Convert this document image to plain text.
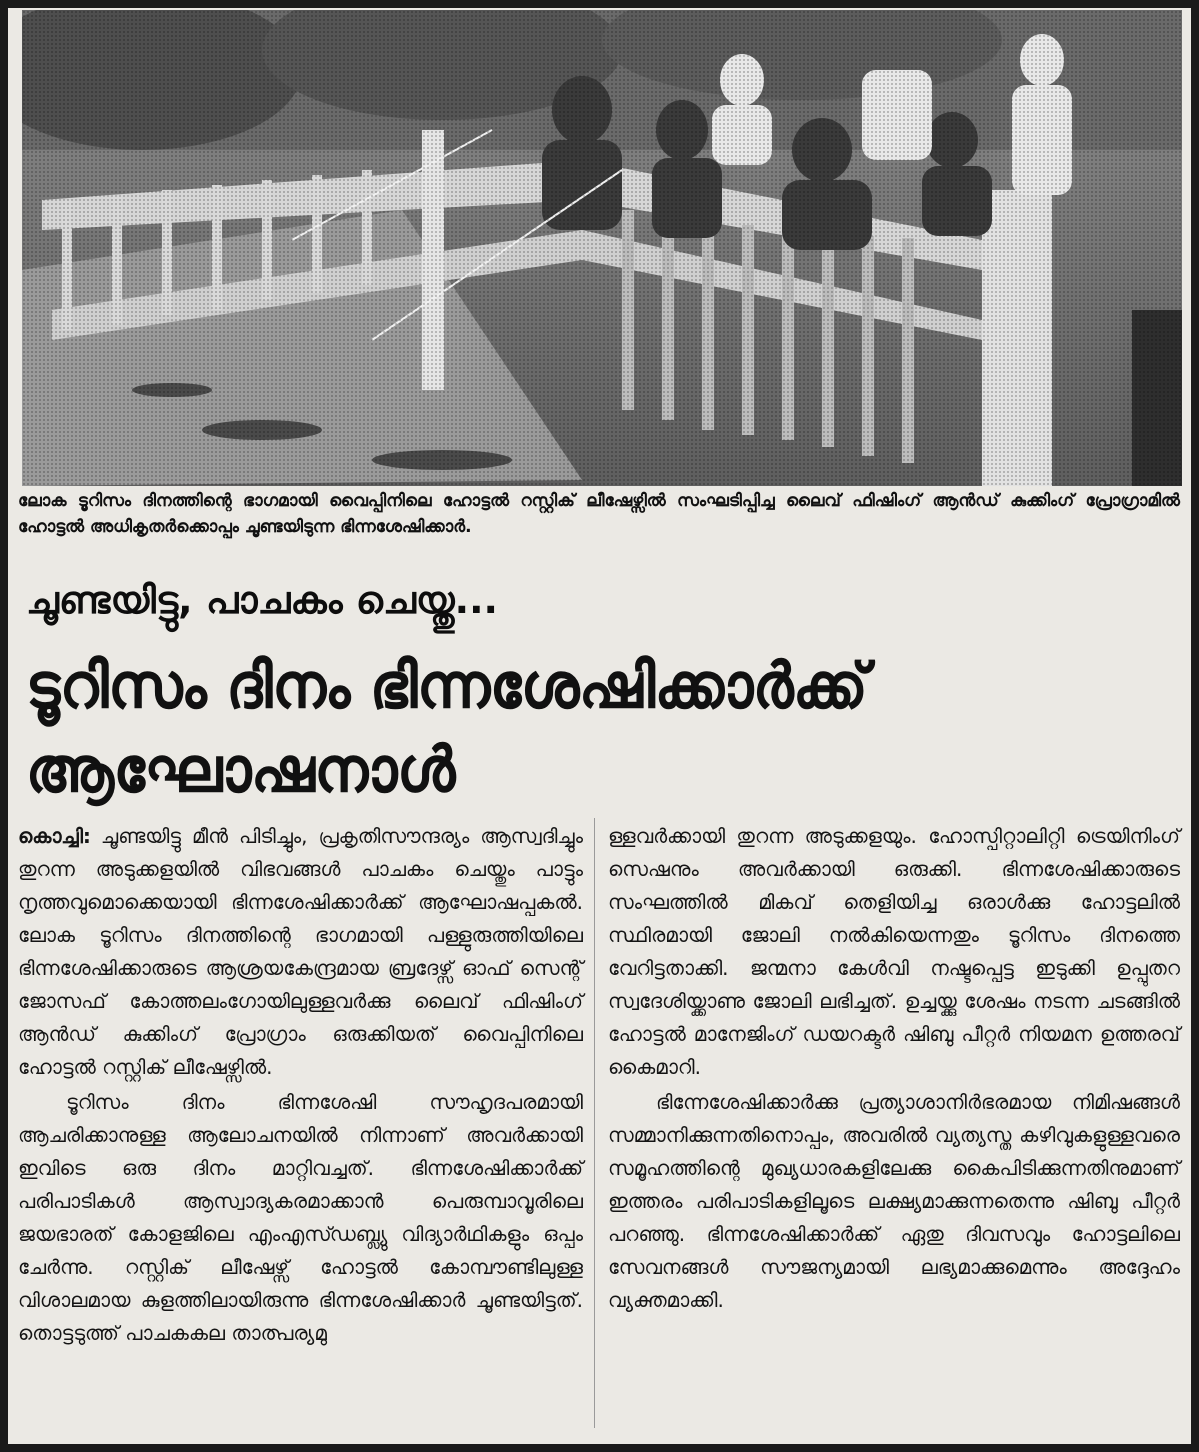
ലോക ടൂറിസം ദിനത്തിന്റെ ഭാഗമായി വൈപ്പിനിലെ ഹോട്ടൽ റസ്റ്റിക് ലീഷേഴ്സിൽ സംഘടിപ്പിച്ച ലൈവ് ഫിഷിംഗ് ആൻഡ് കുക്കിംഗ് പ്രോഗ്രാമിൽ ഹോട്ടൽ അധികൃതർക്കൊപ്പം ചൂണ്ടയിടുന്ന ഭിന്നശേഷിക്കാർ.
ചൂണ്ടയിട്ടു, പാചകം ചെയ്തു...
ടൂറിസം ദിനം ഭിന്നശേഷിക്കാർക്ക്
ആഘോഷനാൾ

കൊച്ചി: ചൂണ്ടയിട്ടു മീൻ പിടിച്ചും, പ്രകൃതിസൗന്ദര്യം ആസ്വദിച്ചും തുറന്ന അടുക്കളയിൽ വിഭവങ്ങൾ പാചകം ചെയ്തും പാട്ടും നൃത്തവുമൊക്കെയായി ഭിന്നശേഷിക്കാർക്ക് ആഘോഷപ്പകൽ. ലോക ടൂറിസം ദിനത്തിന്റെ ഭാഗമായി പള്ളുരുത്തിയിലെ ഭിന്നശേഷിക്കാരുടെ ആശ്രയകേന്ദ്രമായ ബ്രദേഴ്സ് ഓഫ് സെന്റ് ജോസഫ് കോത്തലംഗോയിലുള്ളവർക്കു ലൈവ് ഫിഷിംഗ് ആൻഡ് കുക്കിംഗ് പ്രോഗ്രാം ഒരുക്കിയത് വൈപ്പിനിലെ ഹോട്ടൽ റസ്റ്റിക് ലീഷേഴ്സിൽ.

ടൂറിസം ദിനം ഭിന്നശേഷി സൗഹൃദപരമായി ആചരിക്കാനുള്ള ആലോചനയിൽ നിന്നാണ് അവർക്കായി ഇവിടെ ഒരു ദിനം മാറ്റിവച്ചത്. ഭിന്നശേഷിക്കാർക്ക് പരിപാടികൾ ആസ്വാദ്യകരമാക്കാൻ പെരുമ്പാവൂരിലെ ജയഭാരത് കോളജിലെ എംഎസ്ഡബ്ല്യു വിദ്യാർഥികളും ഒപ്പം ചേർന്നു. റസ്റ്റിക് ലീഷേഴ്സ് ഹോട്ടൽ കോമ്പൗണ്ടിലുള്ള വിശാലമായ കുളത്തിലായിരുന്നു ഭിന്നശേഷിക്കാർ ചൂണ്ടയിട്ടത്. തൊട്ടടുത്ത് പാചകകല താത്പര്യമു

ള്ളവർക്കായി തുറന്ന അടുക്കളയും. ഹോസ്പിറ്റാലിറ്റി ട്രെയിനിംഗ് സെഷനും അവർക്കായി ഒരുക്കി. ഭിന്നശേഷിക്കാരുടെ സംഘത്തിൽ മികവ് തെളിയിച്ച ഒരാൾക്കു ഹോട്ടലിൽ സ്ഥിരമായി ജോലി നൽകിയെന്നതും ടൂറിസം ദിനത്തെ വേറിട്ടതാക്കി. ജന്മനാ കേൾവി നഷ്ടപ്പെട്ട ഇടുക്കി ഉപ്പുതറ സ്വദേശിയ്ക്കാണു ജോലി ലഭിച്ചത്. ഉച്ചയ്ക്കു ശേഷം നടന്ന ചടങ്ങിൽ ഹോട്ടൽ മാനേജിംഗ് ഡയറക്ടർ ഷിബു പീറ്റർ നിയമന ഉത്തരവ് കൈമാറി.

ഭിന്നേശേഷിക്കാർക്കു പ്രത്യാശാനിർഭരമായ നിമിഷങ്ങൾ സമ്മാനിക്കുന്നതിനൊപ്പം, അവരിൽ വ്യത്യസ്ത കഴിവുകളുള്ളവരെ സമൂഹത്തിന്റെ മുഖ്യധാരകളിലേക്കു കൈപിടിക്കുന്നതിനുമാണ് ഇത്തരം പരിപാടികളിലൂടെ ലക്ഷ്യമാക്കുന്നതെന്നു ഷിബു പീറ്റർ പറഞ്ഞു. ഭിന്നശേഷിക്കാർക്ക് ഏതു ദിവസവും ഹോട്ടലിലെ സേവനങ്ങൾ സൗജന്യമായി ലഭ്യമാക്കുമെന്നും അദ്ദേഹം വ്യക്തമാക്കി.
